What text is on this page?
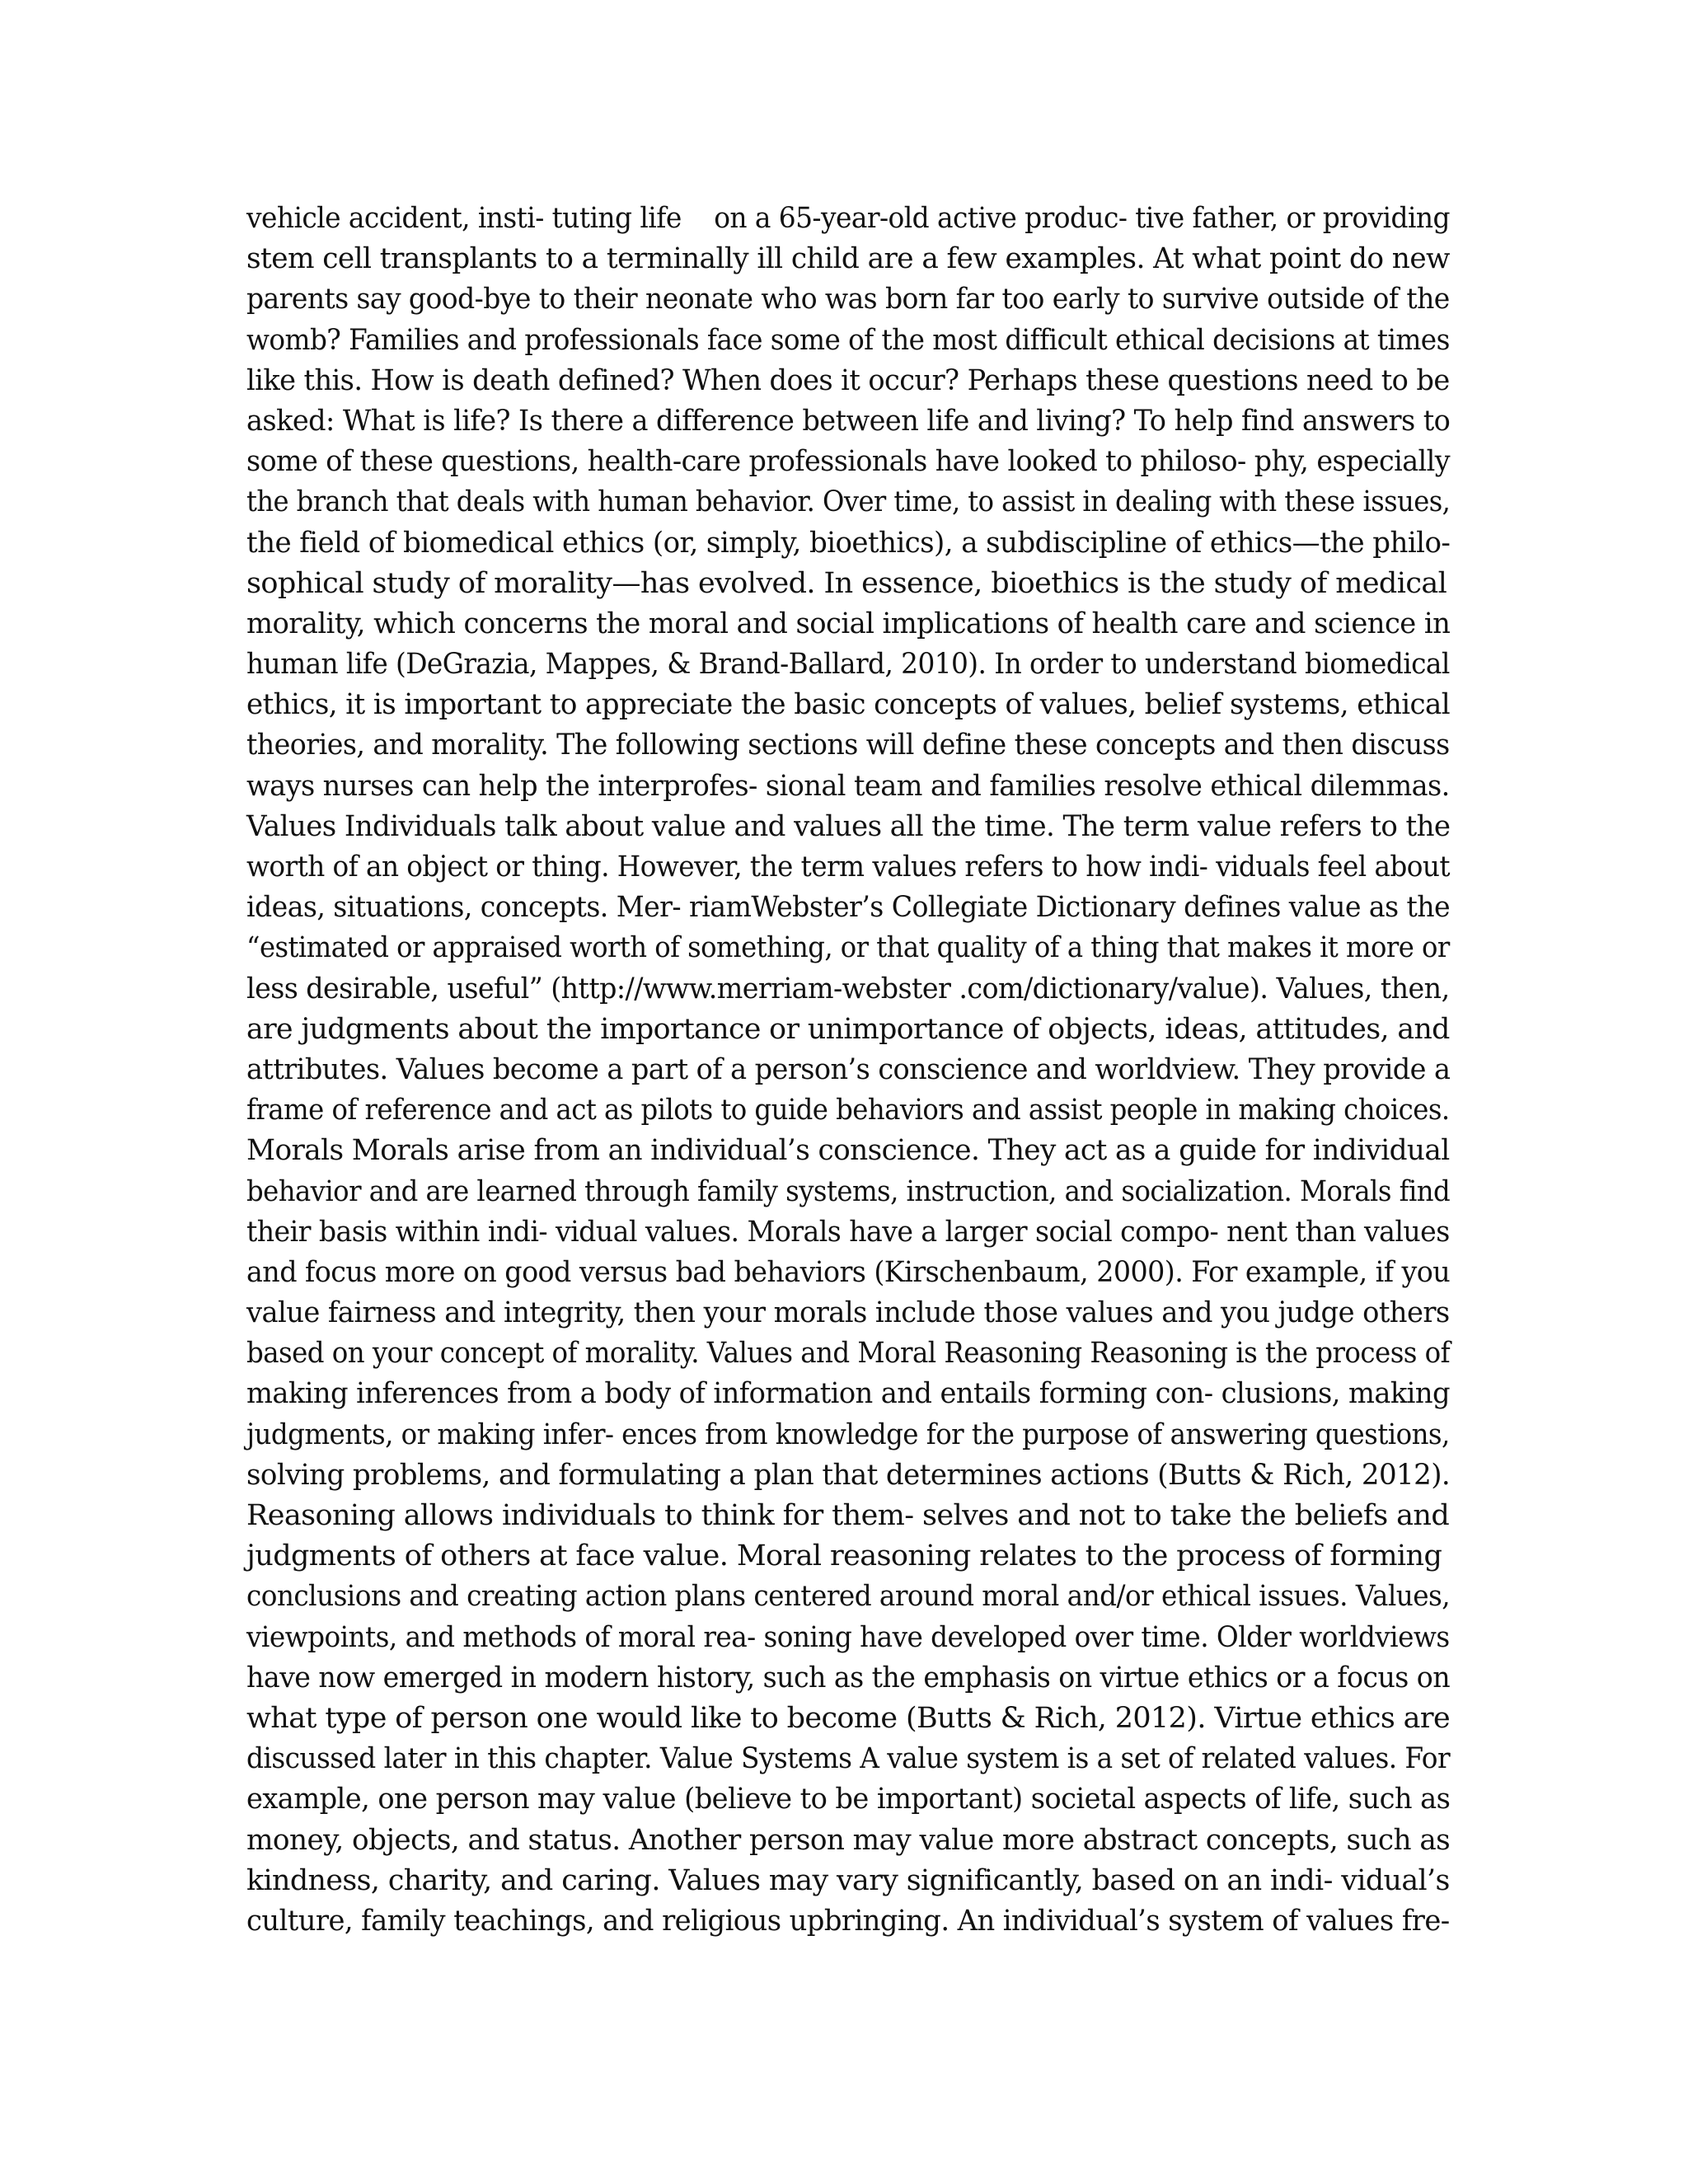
vehicle accident, insti- tuting life    on a 65-year-old active produc- tive father, or providing
stem cell transplants to a terminally ill child are a few examples. At what point do new
parents say good-bye to their neonate who was born far too early to survive outside of the
womb? Families and professionals face some of the most difficult ethical decisions at times
like this. How is death defined? When does it occur? Perhaps these questions need to be
asked: What is life? Is there a difference between life and living? To help find answers to
some of these questions, health-care professionals have looked to philoso- phy, especially
the branch that deals with human behavior. Over time, to assist in dealing with these issues,
the field of biomedical ethics (or, simply, bioethics), a subdiscipline of ethics—the philo-
sophical study of morality—has evolved. In essence, bioethics is the study of medical
morality, which concerns the moral and social implications of health care and science in
human life (DeGrazia, Mappes, & Brand-Ballard, 2010). In order to understand biomedical
ethics, it is important to appreciate the basic concepts of values, belief systems, ethical
theories, and morality. The following sections will define these concepts and then discuss
ways nurses can help the interprofes- sional team and families resolve ethical dilemmas.
Values Individuals talk about value and values all the time. The term value refers to the
worth of an object or thing. However, the term values refers to how indi- viduals feel about
ideas, situations, concepts. Mer- riamWebster’s Collegiate Dictionary defines value as the
“estimated or appraised worth of something, or that quality of a thing that makes it more or
less desirable, useful” (http://www.merriam-webster .com/dictionary/value). Values, then,
are judgments about the importance or unimportance of objects, ideas, attitudes, and
attributes. Values become a part of a person’s conscience and worldview. They provide a
frame of reference and act as pilots to guide behaviors and assist people in making choices.
Morals Morals arise from an individual’s conscience. They act as a guide for individual
behavior and are learned through family systems, instruction, and socialization. Morals find
their basis within indi- vidual values. Morals have a larger social compo- nent than values
and focus more on good versus bad behaviors (Kirschenbaum, 2000). For example, if you
value fairness and integrity, then your morals include those values and you judge others
based on your concept of morality. Values and Moral Reasoning Reasoning is the process of
making inferences from a body of information and entails forming con- clusions, making
judgments, or making infer- ences from knowledge for the purpose of answering questions,
solving problems, and formulating a plan that determines actions (Butts & Rich, 2012).
Reasoning allows individuals to think for them- selves and not to take the beliefs and
judgments of others at face value. Moral reasoning relates to the process of forming
conclusions and creating action plans centered around moral and/or ethical issues. Values,
viewpoints, and methods of moral rea- soning have developed over time. Older worldviews
have now emerged in modern history, such as the emphasis on virtue ethics or a focus on
what type of person one would like to become (Butts & Rich, 2012). Virtue ethics are
discussed later in this chapter. Value Systems A value system is a set of related values. For
example, one person may value (believe to be important) societal aspects of life, such as
money, objects, and status. Another person may value more abstract concepts, such as
kindness, charity, and caring. Values may vary significantly, based on an indi- vidual’s
culture, family teachings, and religious upbringing. An individual’s system of values fre-
